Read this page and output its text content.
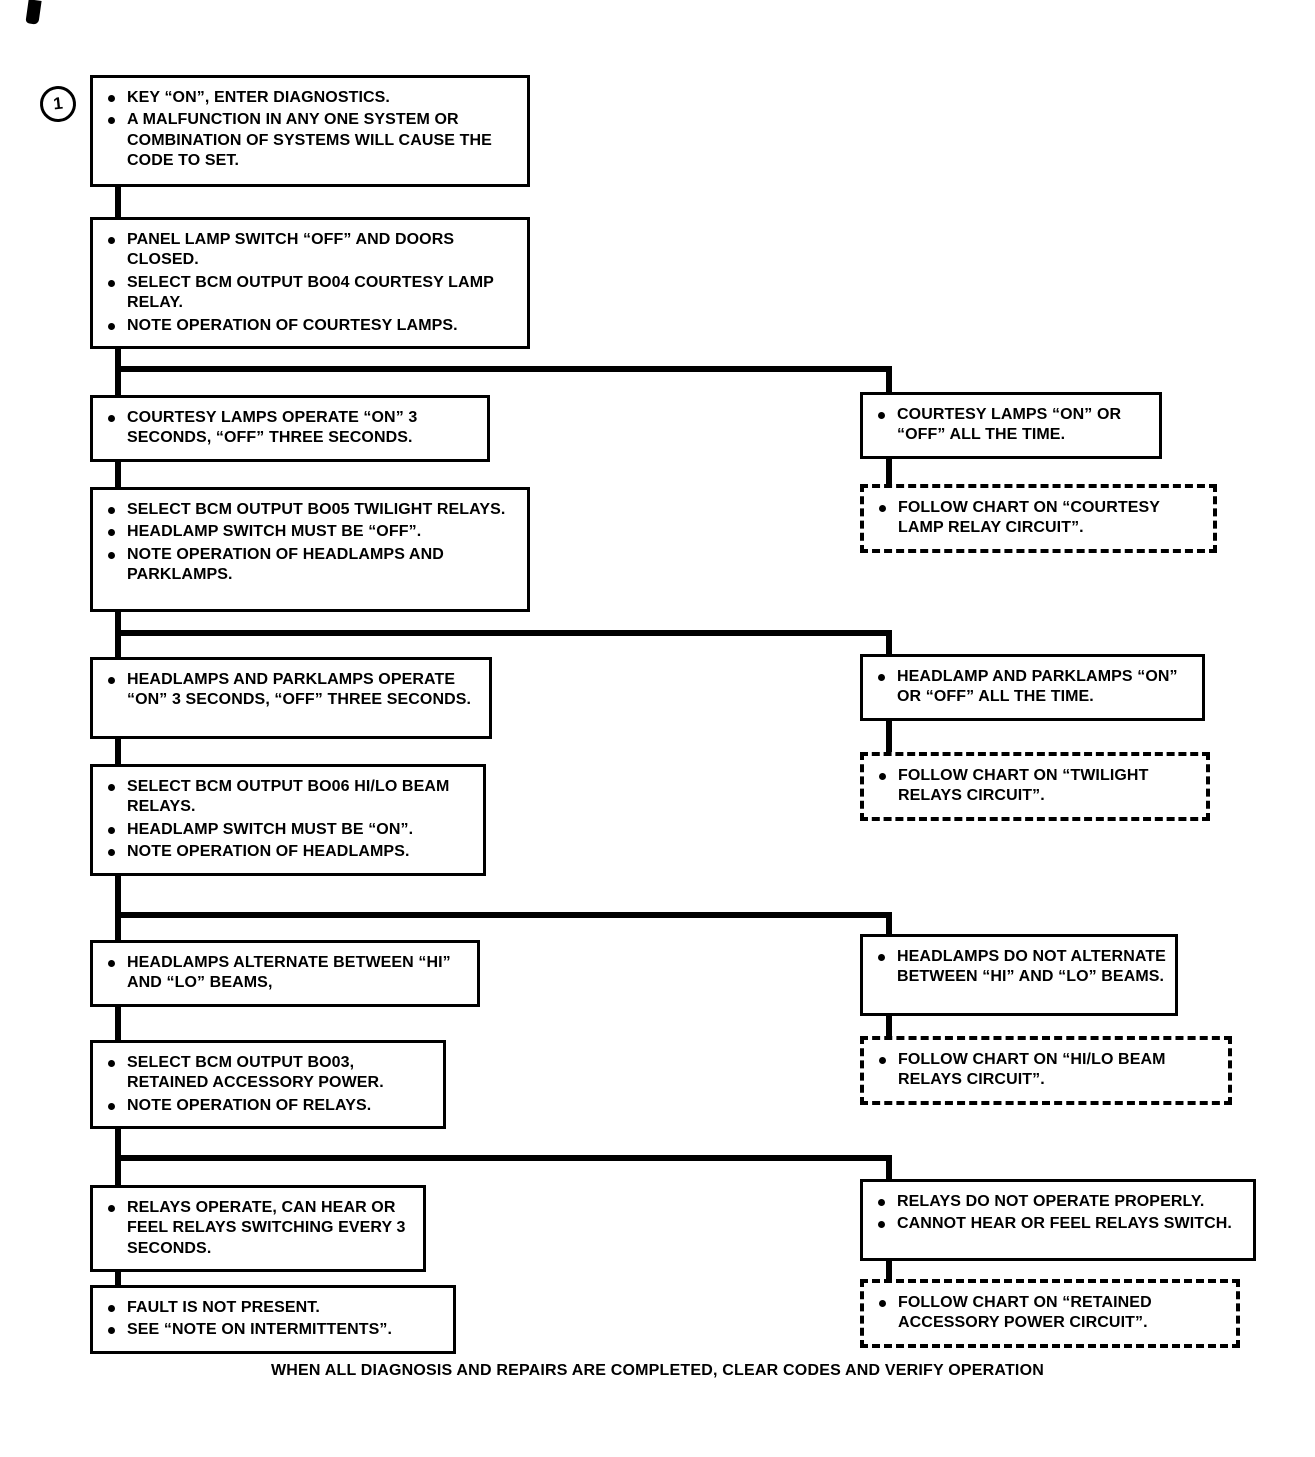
1	KEY “ON”, ENTER DIAGNOSTICS.
A MALFUNCTION IN ANY ONE SYSTEM OR COMBINATION OF SYSTEMS WILL CAUSE THE CODE TO SET.
PANEL LAMP SWITCH “OFF” AND DOORS CLOSED.
SELECT BCM OUTPUT BO04 COURTESY LAMP RELAY.
NOTE OPERATION OF COURTESY LAMPS.
COURTESY LAMPS OPERATE “ON” 3 SECONDS, “OFF” THREE SECONDS.
COURTESY LAMPS “ON” OR “OFF” ALL THE TIME.
FOLLOW CHART ON “COURTESY LAMP RELAY CIRCUIT”.
SELECT BCM OUTPUT BO05 TWILIGHT RELAYS.
HEADLAMP SWITCH MUST BE “OFF”.
NOTE OPERATION OF HEADLAMPS AND PARKLAMPS.
HEADLAMPS AND PARKLAMPS OPERATE “ON” 3 SECONDS, “OFF” THREE SECONDS.
HEADLAMP AND PARKLAMPS “ON” OR “OFF” ALL THE TIME.
FOLLOW CHART ON “TWILIGHT RELAYS CIRCUIT”.
SELECT BCM OUTPUT BO06 HI/LO BEAM RELAYS.
HEADLAMP SWITCH MUST BE “ON”.
NOTE OPERATION OF HEADLAMPS.
HEADLAMPS ALTERNATE BETWEEN “HI” AND “LO” BEAMS,
HEADLAMPS DO NOT ALTERNATE BETWEEN “HI” AND “LO” BEAMS.
FOLLOW CHART ON “HI/LO BEAM RELAYS CIRCUIT”.
SELECT BCM OUTPUT BO03, RETAINED ACCESSORY POWER.
NOTE OPERATION OF RELAYS.
RELAYS OPERATE, CAN HEAR OR FEEL RELAYS SWITCHING EVERY 3 SECONDS.
RELAYS DO NOT OPERATE PROPERLY.
CANNOT HEAR OR FEEL RELAYS SWITCH.
FOLLOW CHART ON “RETAINED ACCESSORY POWER CIRCUIT”.
FAULT IS NOT PRESENT.
SEE “NOTE ON INTERMITTENTS”.
WHEN ALL DIAGNOSIS AND REPAIRS ARE COMPLETED, CLEAR CODES AND VERIFY OPERATION
